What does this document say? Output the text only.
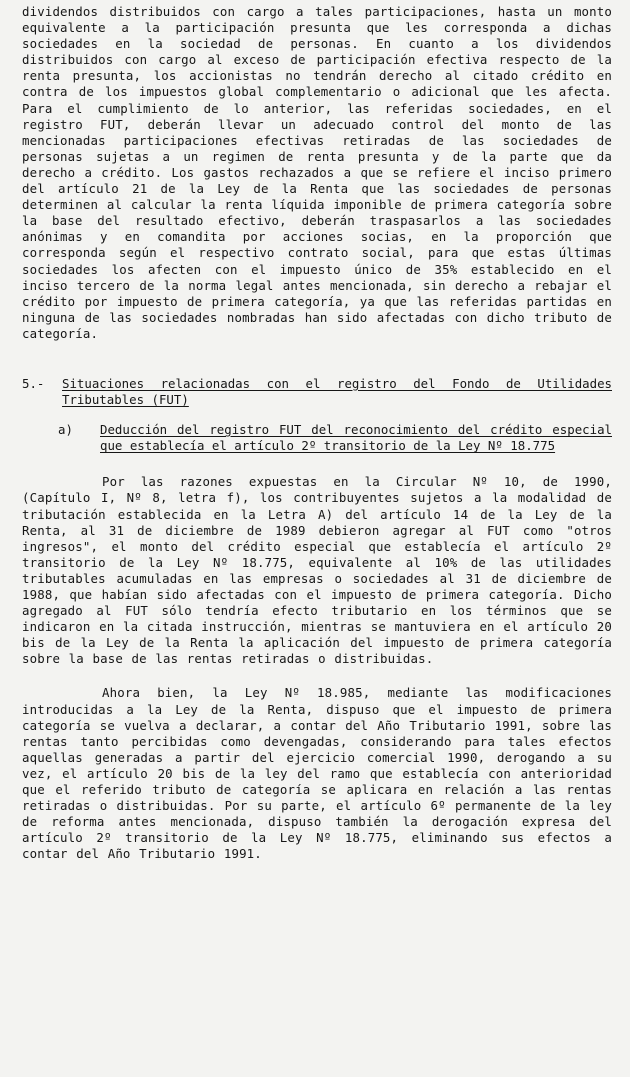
dividendos distribuidos con cargo a tales participaciones, hasta un monto equivalente a la participación presunta que les corresponda a dichas sociedades en la sociedad de personas. En cuanto a los dividendos distribuidos con cargo al exceso de participación efectiva respecto de la renta presunta, los accionistas no tendrán derecho al citado crédito en contra de los impuestos global complementario o adicional que les afecta. Para el cumplimiento de lo anterior, las referidas sociedades, en el registro FUT, deberán llevar un adecuado control del monto de las mencionadas participaciones efectivas retiradas de las sociedades de personas sujetas a un regimen de renta presunta y de la parte que da derecho a crédito. Los gastos rechazados a que se refiere el inciso primero del artículo 21 de la Ley de la Renta que las sociedades de personas determinen al calcular la renta líquida imponible de primera categoría sobre la base del resultado efectivo, deberán traspasarlos a las sociedades anónimas y en comandita por acciones socias, en la proporción que corresponda según el respectivo contrato social, para que estas últimas sociedades los afecten con el impuesto único de 35% establecido en el inciso tercero de la norma legal antes mencionada, sin derecho a rebajar el crédito por impuesto de primera categoría, ya que las referidas partidas en ninguna de las sociedades nombradas han sido afectadas con dicho tributo de categoría.

5.-	Situaciones relacionadas con el registro del Fondo de Utilidades Tributables (FUT)
a)	Deducción del registro FUT del reconocimiento del crédito especial que establecía el artículo 2º transitorio de la Ley Nº 18.775

Por las razones expuestas en la Circular Nº 10, de 1990, (Capítulo I, Nº 8, letra f), los contribuyentes sujetos a la modalidad de tributación establecida en la Letra A) del artículo 14 de la Ley de la Renta, al 31 de diciembre de 1989 debieron agregar al FUT como "otros ingresos", el monto del crédito especial que establecía el artículo 2º transitorio de la Ley Nº 18.775, equivalente al 10% de las utilidades tributables acumuladas en las empresas o sociedades al 31 de diciembre de 1988, que habían sido afectadas con el impuesto de primera categoría. Dicho agregado al FUT sólo tendría efecto tributario en los términos que se indicaron en la citada instrucción, mientras se mantuviera en el artículo 20 bis de la Ley de la Renta la aplicación del impuesto de primera categoría sobre la base de las rentas retiradas o distribuidas.

Ahora bien, la Ley Nº 18.985, mediante las modificaciones introducidas a la Ley de la Renta, dispuso que el impuesto de primera categoría se vuelva a declarar, a contar del Año Tributario 1991, sobre las rentas tanto percibidas como devengadas, considerando para tales efectos aquellas generadas a partir del ejercicio comercial 1990, derogando a su vez, el artículo 20 bis de la ley del ramo que establecía con anterioridad que el referido tributo de categoría se aplicara en relación a las rentas retiradas o distribuidas. Por su parte, el artículo 6º permanente de la ley de reforma antes mencionada, dispuso también la derogación expresa del artículo 2º transitorio de la Ley Nº 18.775, eliminando sus efectos a contar del Año Tributario 1991.
